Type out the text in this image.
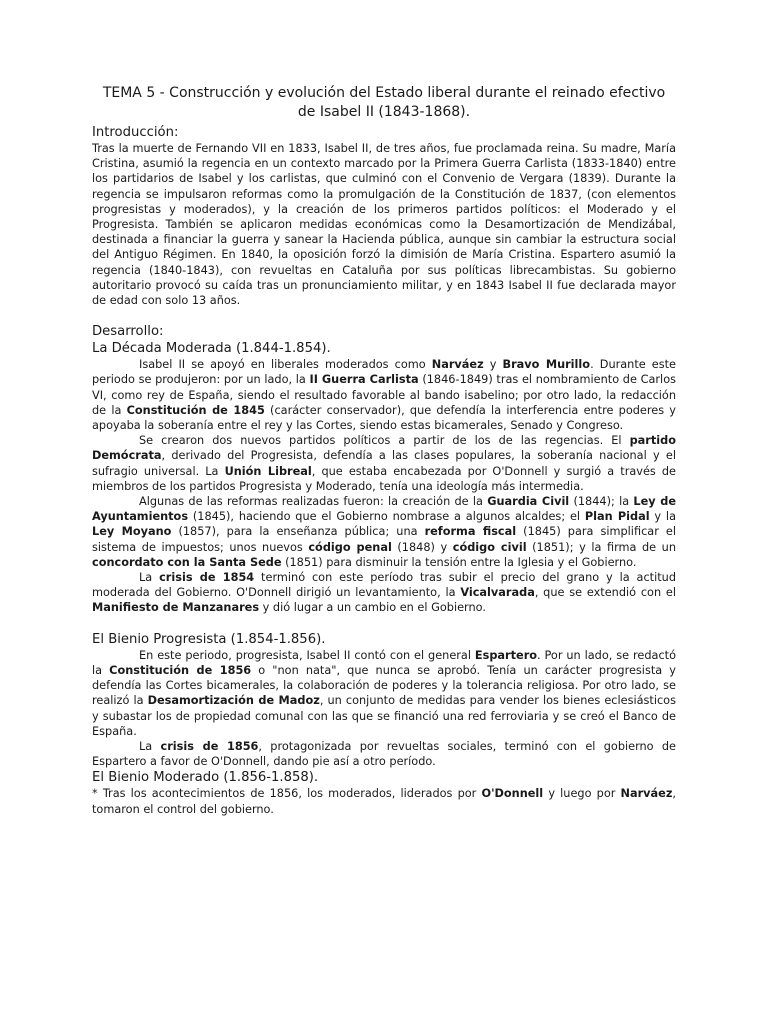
TEMA 5 - Construcción y evolución del Estado liberal durante el reinado efectivo de Isabel II (1843-1868).
Introducción:

Tras la muerte de Fernando VII en 1833, Isabel II, de tres años, fue proclamada reina. Su madre, María Cristina, asumió la regencia en un contexto marcado por la Primera Guerra Carlista (1833-1840) entre los partidarios de Isabel y los carlistas, que culminó con el Convenio de Vergara (1839). Durante la regencia se impulsaron reformas como la promulgación de la Constitución de 1837, (con elementos progresistas y moderados), y la creación de los primeros partidos políticos: el Moderado y el Progresista. También se aplicaron medidas económicas como la Desamortización de Mendizábal, destinada a financiar la guerra y sanear la Hacienda pública, aunque sin cambiar la estructura social del Antiguo Régimen. En 1840, la oposición forzó la dimisión de María Cristina. Espartero asumió la regencia (1840-1843), con revueltas en Cataluña por sus políticas librecambistas. Su gobierno autoritario provocó su caída tras un pronunciamiento militar, y en 1843 Isabel II fue declarada mayor de edad con solo 13 años.

Desarrollo:
La Década Moderada (1.844-1.854).

Isabel II se apoyó en liberales moderados como Narváez y Bravo Murillo. Durante este periodo se produjeron: por un lado, la II Guerra Carlista (1846-1849) tras el nombramiento de Carlos VI, como rey de España, siendo el resultado favorable al bando isabelino; por otro lado, la redacción de la Constitución de 1845 (carácter conservador), que defendía la interferencia entre poderes y apoyaba la soberanía entre el rey y las Cortes, siendo estas bicamerales, Senado y Congreso.

Se crearon dos nuevos partidos políticos a partir de los de las regencias. El partido Demócrata, derivado del Progresista, defendía a las clases populares, la soberanía nacional y el sufragio universal. La Unión Libreal, que estaba encabezada por O'Donnell y surgió a través de miembros de los partidos Progresista y Moderado, tenía una ideología más intermedia.

Algunas de las reformas realizadas fueron: la creación de la Guardia Civil (1844); la Ley de Ayuntamientos (1845), haciendo que el Gobierno nombrase a algunos alcaldes; el Plan Pidal y la Ley Moyano (1857), para la enseñanza pública; una reforma fiscal (1845) para simplificar el sistema de impuestos; unos nuevos código penal (1848) y código civil (1851); y la firma de un concordato con la Santa Sede (1851) para disminuir la tensión entre la Iglesia y el Gobierno.

La crisis de 1854 terminó con este período tras subir el precio del grano y la actitud moderada del Gobierno. O'Donnell dirigió un levantamiento, la Vicalvarada, que se extendió con el Manifiesto de Manzanares y dió lugar a un cambio en el Gobierno.

El Bienio Progresista (1.854-1.856).

En este periodo, progresista, Isabel II contó con el general Espartero. Por un lado, se redactó la Constitución de 1856 o "non nata", que nunca se aprobó. Tenía un carácter progresista y defendía las Cortes bicamerales, la colaboración de poderes y la tolerancia religiosa. Por otro lado, se realizó la Desamortización de Madoz, un conjunto de medidas para vender los bienes eclesiásticos y subastar los de propiedad comunal con las que se financió una red ferroviaria y se creó el Banco de España.

La crisis de 1856, protagonizada por revueltas sociales, terminó con el gobierno de Espartero a favor de O'Donnell, dando pie así a otro período.

El Bienio Moderado (1.856-1.858).

* Tras los acontecimientos de 1856, los moderados, liderados por O'Donnell y luego por Narváez, tomaron el control del gobierno.
